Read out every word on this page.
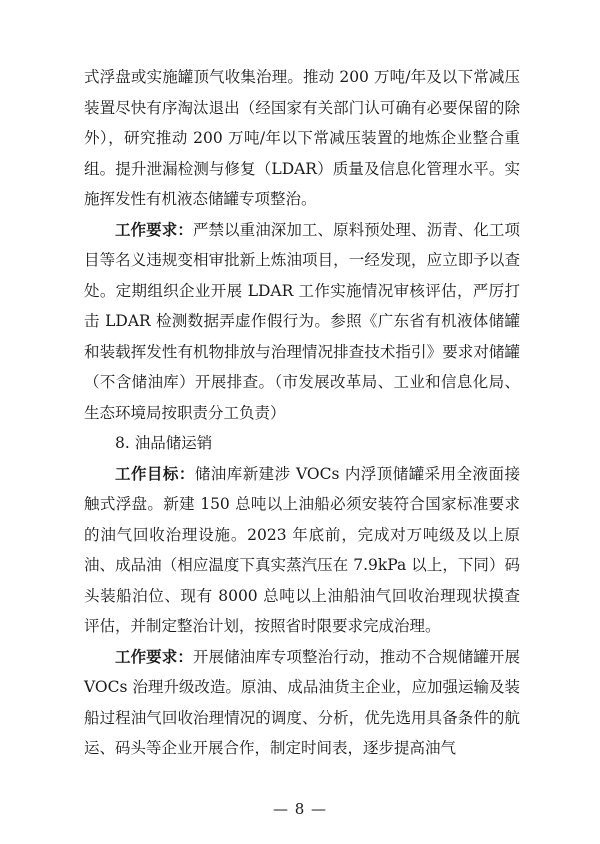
式浮盘或实施罐顶气收集治理。推动 200 万吨/年及以下常减压装置尽快有序淘汰退出（经国家有关部门认可确有必要保留的除外），研究推动 200 万吨/年以下常减压装置的地炼企业整合重组。提升泄漏检测与修复（LDAR）质量及信息化管理水平。实施挥发性有机液态储罐专项整治。

工作要求：严禁以重油深加工、原料预处理、沥青、化工项目等名义违规变相审批新上炼油项目，一经发现，应立即予以查处。定期组织企业开展 LDAR 工作实施情况审核评估，严厉打击 LDAR 检测数据弄虚作假行为。参照《广东省有机液体储罐和装载挥发性有机物排放与治理情况排查技术指引》要求对储罐（不含储油库）开展排查。（市发展改革局、工业和信息化局、生态环境局按职责分工负责）

8. 油品储运销

工作目标：储油库新建涉 VOCs 内浮顶储罐采用全液面接触式浮盘。新建 150 总吨以上油船必须安装符合国家标准要求的油气回收治理设施。2023 年底前，完成对万吨级及以上原油、成品油（相应温度下真实蒸汽压在 7.9kPa 以上，下同）码头装船泊位、现有 8000 总吨以上油船油气回收治理现状摸查评估，并制定整治计划，按照省时限要求完成治理。

工作要求：开展储油库专项整治行动，推动不合规储罐开展 VOCs 治理升级改造。原油、成品油货主企业，应加强运输及装船过程油气回收治理情况的调度、分析，优先选用具备条件的航运、码头等企业开展合作，制定时间表，逐步提高油气

— 8 —
